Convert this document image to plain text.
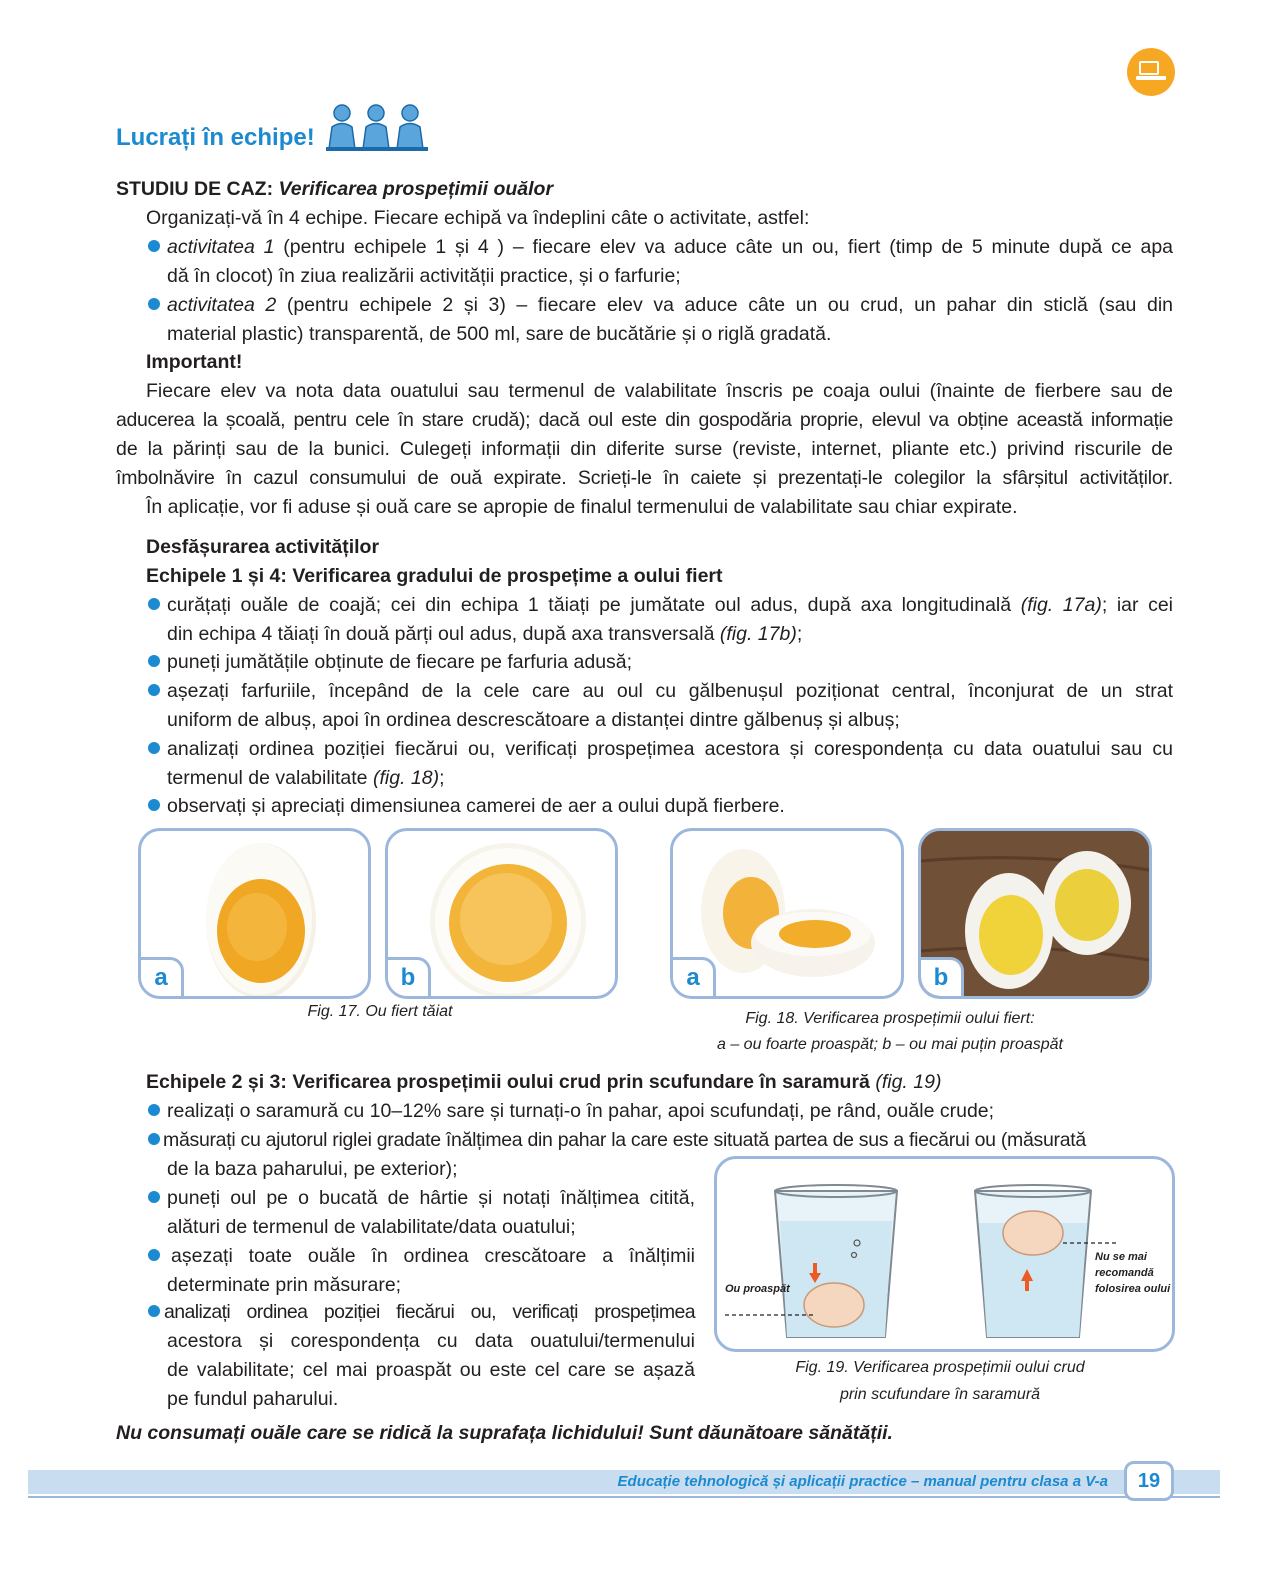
Lucrați în echipe!
STUDIU DE CAZ: Verificarea prospețimii ouălor
Organizați-vă în 4 echipe. Fiecare echipă va îndeplini câte o activitate, astfel:
activitatea 1 (pentru echipele 1 și 4 ) – fiecare elev va aduce câte un ou, fiert (timp de 5 minute după ce apa
dă în clocot) în ziua realizării activității practice, și o farfurie;
activitatea 2 (pentru echipele 2 și 3) – fiecare elev va aduce câte un ou crud, un pahar din sticlă (sau din
material plastic) transparentă, de 500 ml, sare de bucătărie și o riglă gradată.
Important!
Fiecare elev va nota data ouatului sau termenul de valabilitate înscris pe coaja oului (înainte de fierbere sau de
aducerea la școală, pentru cele în stare crudă); dacă oul este din gospodăria proprie, elevul va obține această informație
de la părinți sau de la bunici. Culegeți informații din diferite surse (reviste, internet, pliante etc.) privind riscurile de
îmbolnăvire în cazul consumului de ouă expirate. Scrieți-le în caiete și prezentați-le colegilor la sfârșitul activităților.
În aplicație, vor fi aduse și ouă care se apropie de finalul termenului de valabilitate sau chiar expirate.
Desfășurarea activităților
Echipele 1 și 4: Verificarea gradului de prospețime a oului fiert
curățați ouăle de coajă; cei din echipa 1 tăiați pe jumătate oul adus, după axa longitudinală (fig. 17a); iar cei
din echipa 4 tăiați în două părți oul adus, după axa transversală (fig. 17b);
puneți jumătățile obținute de fiecare pe farfuria adusă;
așezați farfuriile, începând de la cele care au oul cu gălbenușul poziționat central, înconjurat de un strat
uniform de albuș, apoi în ordinea descrescătoare a distanței dintre gălbenuș și albuș;
analizați ordinea poziției fiecărui ou, verificați prospețimea acestora și corespondența cu data ouatului sau cu
termenul de valabilitate (fig. 18);
observați și apreciați dimensiunea camerei de aer a oului după fierbere.
a	b	a	b
Fig. 17. Ou fiert tăiat	Fig. 18. Verificarea prospețimii oului fiert:
a – ou foarte proaspăt; b – ou mai puțin proaspăt
Echipele 2 și 3: Verificarea prospețimii oului crud prin scufundare în saramură (fig. 19)
realizați o saramură cu 10–12% sare și turnați-o în pahar, apoi scufundați, pe rând, ouăle crude;
măsurați cu ajutorul riglei gradate înălțimea din pahar la care este situată partea de sus a fiecărui ou (măsurată
de la baza paharului, pe exterior);
puneți oul pe o bucată de hârtie și notați înălțimea citită,
alături de termenul de valabilitate/data ouatului;
așezați toate ouăle în ordinea crescătoare a înălțimii
determinate prin măsurare;
analizați ordinea poziției fiecărui ou, verificați prospețimea
acestora și corespondența cu data ouatului/termenului
de valabilitate; cel mai proaspăt ou este cel care se așază
pe fundul paharului.
Ou proaspăt
Nu se mai
recomandă
folosirea oului
Fig. 19. Verificarea prospețimii oului crud
prin scufundare în saramură
Nu consumați ouăle care se ridică la suprafața lichidului! Sunt dăunătoare sănătății.
Educație tehnologică și aplicații practice – manual pentru clasa a V-a	19
